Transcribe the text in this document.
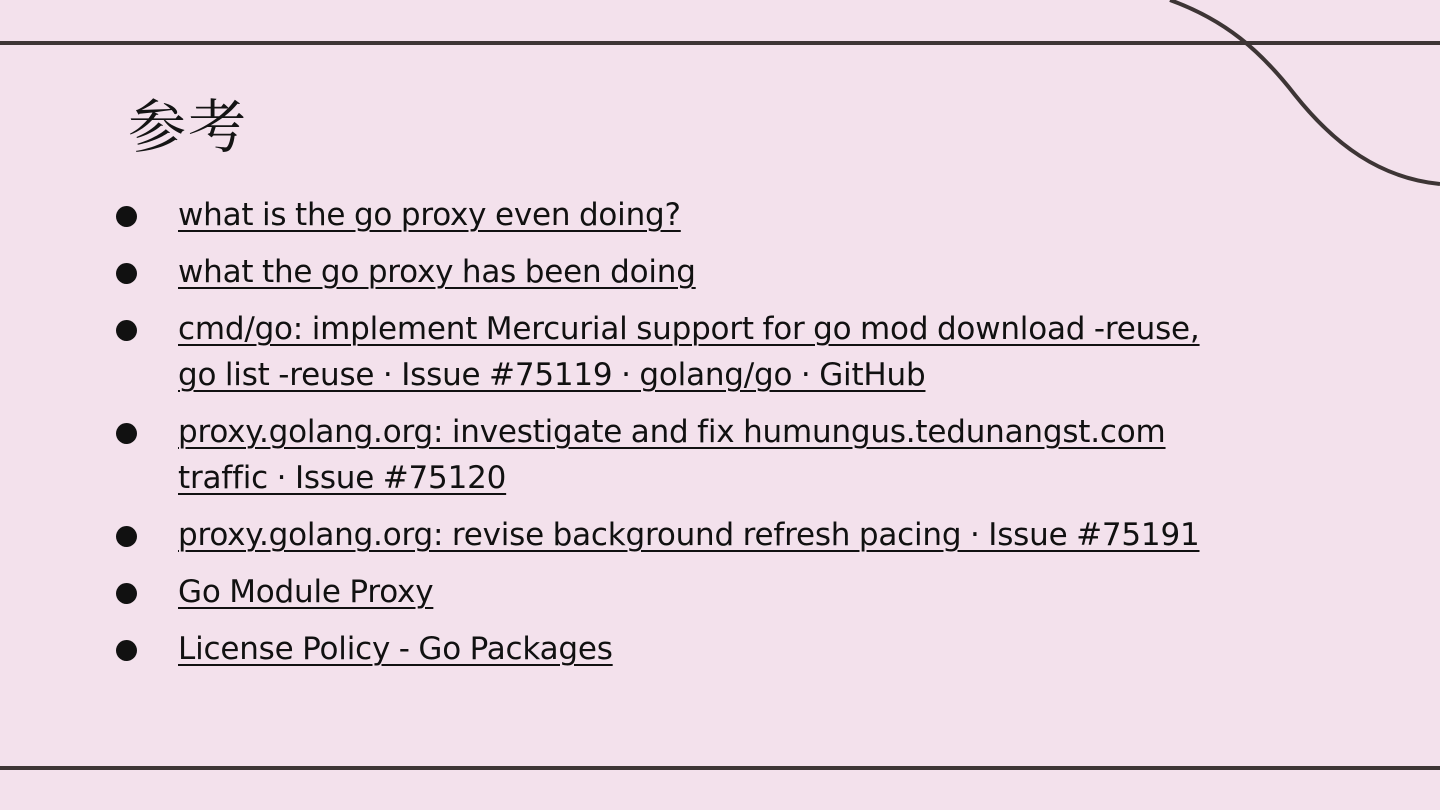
参考
what is the go proxy even doing?
what the go proxy has been doing
cmd/go: implement Mercurial support for go mod download -reuse, go list -reuse · Issue #75119 · golang/go · GitHub
proxy.golang.org: investigate and fix humungus.tedunangst.com traffic · Issue #75120
proxy.golang.org: revise background refresh pacing · Issue #75191
Go Module Proxy
License Policy - Go Packages
